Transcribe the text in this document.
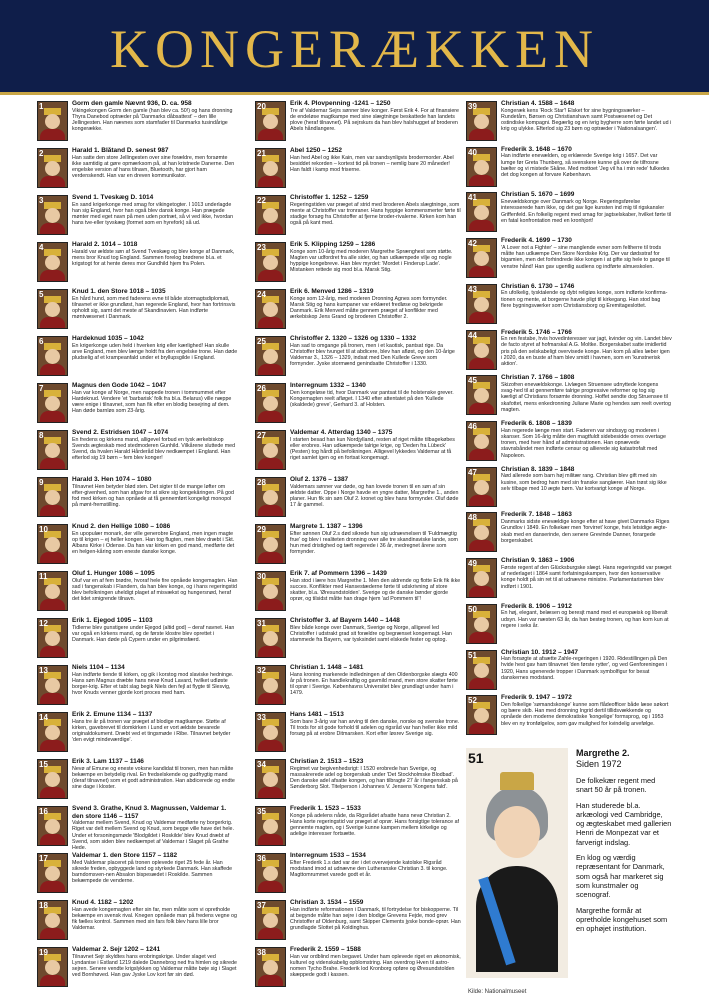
KONGERÆKKEN
1	Gorm den gamle Nævnt 936, D. ca. 958
Vikingekongen Gorm den gamle (han blev ca. 50!) og hans dronning Thyra Danebod optræder på 'Danmarks dåbsattest' – den lille Jellingesten. Han nævnes som stamfader til Danmarks tusindårige kongerække.
2	Harald 1. Blåtand D. senest 987
Han satte den store Jellingesten over sine forældre, men forsømte ikke samtidig at gøre opmærksom på, at han kristnede Danerne. Den engelske version af hans tilnavn, Bluetooth, har gjort ham verdenskendt. Han var en dreven kommunikator.
3	Svend 1. Tveskæg D. 1014
En sand krigerkonge med smag for vikingetogter. I 1013 underlagde han sig England, hvor han også blev dansk konge. Han prægede mønter med eget navn på men uden portræt, så vi ved ikke, hvordan hans tve-eller tyvskæg (formet som en hyrefork) så ud.
4	Harald 2. 1014 – 1018
Harald var ældste søn af Svend Tveskæg og blev konge af Danmark, mens bror Knud tog England. Sammen forelog brødrene bl.a. et krigstogt for at hente deres mor Gundhild hjem fra Polen.
5	Knud 1. den Store 1018 – 1035
En hård hund, som med faderens evne til både stormagtsdiplomati, tilnavnet er ikke grundløst, han regerede England, hvor han fortrinsvis opholdt sig, samt det meste af Skandinavien. Han indførte møntvæsenet i Danmark.
6	Hardeknud 1035 – 1042
En krigerkonge uden held i hverken krig eller kærlighed! Han skulle arve England, men blev længe holdt fra den engelske trone. Han døde pludselig af et krampeanfald under et bryllupsgilde i England.
7	Magnus den Gode 1042 – 1047
Han var konge af Norge, men nappede tronen i tommummet efter Hardeknud. Vendere 'et 'barbarisk' folk fra bl.a. Belarus) ville næppe være enige i tilnavnet, som han fik efter en blodig besejring af dem. Han døde barnløs som 23-årig.
8	Svend 2. Estridsen 1047 – 1074
En fredens og kirkens mand, alligevel forbud en tysk ærkebiskop Svends ægteskab med stedmoderen Gunhild. Vilkårene sluttede med Svend, da hvalen Harald Hårderåd blev nedkæmpet i England. Han efterlod sig 19 børn – fem blev konger!
9	Harald 3. Hen 1074 – 1080
Tilnavnet Hen betyder blød sten. Det sigter til de mange løfter om efter-givenhed, som han afgav for at sikre sig kongekåringen. På god fod med kirken og han opnåede at få gennemført kongeligt monopol på mønt-fremstilling.
10	Knud 2. den Hellige 1080 – 1086
En upopulær monark, der ville generobre England, men ingen magte op til krigen – ej heller kongen. Han tog flugten, men blev dræbt i Skt. Albans Kirke i Odense. Da han var kirken en god mand, medførte det en helgen-kåring som eneste danske konge.
11	Oluf 1. Hunger 1086 – 1095
Oluf var en af fem brødre, hvoraf hele fire opnåede kongemagten. Han sad i fangenskab i Flandern, da han blev konge, og i hans regeringstid blev befolkningen uheldigt plaget af misvækst og hungersnød, heraf det lidet smigrende tilnavn.
12	Erik 1. Ejegod 1095 – 1103
Tidlerne blev gunstigere under Ejegod (altid god) – deraf navnet. Han var også en kirkens mand, og de første klostre blev oprettet i Danmark. Han døde på Cypern under en pilgrimsfærd.
13	Niels 1104 – 1134
Han indførte tiende til kirken, og gik i korstog mod slaviske hedninge. Hans søn Magnus dræbte hans nevø Knud Lavard, hvilket udløste borger-krig. Efter et tabt slag begik Niels den fejl at flygte til Slesvig, hvor Knuds venner gjorde kort proces med ham.
14	Erik 2. Emune 1134 – 1137
Hans tre år på tronen var præget af blodige magtkampe. Støtte af kirken, gavebrevet til domkirken i Lund er vort ældste bevarede originaldokument. Dræbt ved et tingsmøde i Ribe. Tilnavnet betyder 'den evigt mindeværdige'.
15	Erik 3. Lam 1137 – 1146
Nevø af Emune og eneste voksne kandidat til tronen, men han måtte bekæmpe en betydelig rival. En fredselskende og gudfrygtig mand (deraf tilnavnet) som et godt administration. Han abdicerede og endte sine dage i kloster.
16	Svend 3. Grathe, Knud 3. Magnussen, Valdemar 1. den store 1146 – 1157
Valdemar mellem Svend, Knud og Valdemar medførte ny borgerkrig. Riget var delt mellem Svend og Knud, som begge ville have det hele. Under et forsoningsmøde 'Blodgildet i Roskilde' blev Knud dræbt af Svend, som siden blev nedkæmpet af Valdemar i Slaget på Grathe Hede.
17	Valdemar 1. den Store 1157 – 1182
Med Valdemar placeret på tronen oplevede riget 25 fede år. Han sikrede freden, opbyggede land og styrkede Danmark. Han skaffede barndomsven-nen Absalon bispesædet i Roskilde. Sammen bekæmpede de venderne.
18	Knud 4. 1182 – 1202
Han avede kongemagten efter sin far, men måtte som vi opretholde bekæmpe en svensk rival. Knegen opnåede man på fredens vegne og fik fælles kontrol. Sammen med sin fars folk blev hans lille bror Valdemar.
19	Valdemar 2. Sejr 1202 – 1241
Tilnavnet Sejr skyldtes hans erobringskrige. Under slaget ved Lyndanise i Estland 1219 dalede Dannebrog ned fra himlen og sikrede sejren. Senere vendte krigslykken og Valdemar måtte bøje sig i Slaget ved Bornhøved. Han gav Jyske Lov kort før sin død.
20	Erik 4. Plovpenning -1241 – 1250
Tre af Valdemar Sejrs sønner blev konger. Først Erik 4. For at finansiere de endeløse magtkampe med sine slægtninge beskattede han landets plove (heraf tilnavnet). På sejrskurs da han blev halshugget af broderen Abels håndlangere.
21	Abel 1250 – 1252
Han hed Abel og ikke Kain, men var sandsynligvis brodermorder. Abel besiddet rekorden – kortest tid på tronen – nemlig bare 20 måneder! Han faldt i kamp mod friserne.
22	Christoffer 1. 1252 – 1259
Regeringstiden var præget af strid med broderen Abels slægtninge, som mente at Christoffer var tronraner. Hans hyppige kommensmerter førte til stadige forsøg fra Christoffer at fjerne broder-rivalerne. Kirken kom han også på kant med.
23	Erik 5. Klipping 1259 – 1286
Konge som 10-årig med moderen Margrethe Sprænghest som støtte. Magten var udfordret fra alle sider, og han udkæmpede vilje og nogle hyppige kongebreve. Han blev myrdet: 'Mordet i Finderup Lade'. Mistanken rettede sig mod bl.a. Marsk Stig.
24	Erik 6. Menved 1286 – 1319
Konge som 12-årig, med moderen Dronning Agnes som formynder. Marsk Stig og hans kumpaner var erklæret fredløse og bekrigede Danmark. Erik Menved måtte gennem præget af konflikter med ærkebiskop Jens Grand og broderen Christoffer 2.
25	Christoffer 2. 1320 – 1326 og 1330 – 1332
Han sad to omgange på tronen, men i et kaotisk, pantsat rige. Da Christoffer blev tvunget til at abdicere, blev han afløst, og den 10-årige Valdemar 3., 1326 – 1329, indsat med Den Kullede Greve som formynder. Jyske stormænd genindsatte Christoffer i 1330.
26	Interregnum 1332 – 1340
Den kongeløse tid, hvor Danmark var pantsat til de holstenske grever. Kongemagten reelt afløget. I 1340 efter attentatet på den 'Kullede (skaldede) greve', Gerhard 3. af Holsten.
27	Valdemar 4. Atterdag 1340 – 1375
I starten besad han kun Nordjylland, resten af riget måtte tilbagekøbes eller erobres. Han udkæmpede talrige krige, og 'Deden fra Lübeck' (Pesten) tog hårdt på befolkningen. Alligevel lykkedes Valdemar at få riget samlet igen og en fortsat kongemagt.
28	Oluf 2. 1376 – 1387
Valdemars sønner var døde, og han lovede tronen til en søn af sin ældste datter. Oppe i Norge havde en yngre datter, Margrethe 1., anden planer. Hun fik sin søn Oluf 2. kronet og blev hans formynder. Oluf døde 17 år gammel.
29	Margrete 1. 1387 – 1396
Efter sønnen Oluf 2.s død sikrede hun sig udnævnelsen til 'Fuldmægtig frue' og blev i realiteten dronning over alle tre skandinaviske lande, som hun med dristighed og tæft regerede i 36 år, medregnet årene som formynder.
30	Erik 7. af Pommern 1396 – 1439
Han stod i lære hos Margrethe 1. Men den aldrende og flotte Erik fik ikke succes. Konflikter med Hansestæderne førte til udskrivning af store skatter, bl.a. 'Øresundstolden'. Sverige og de danske bønder gjorde oprør, og tilsidst måtte han drage hjem 'ad Pommern til'!
31	Christoffer 3. af Bayern 1440 – 1448
Blev både konge over Danmark, Sverige og Norge, alligevel led Christoffer i udstrakt grad sit forældre og begrænset kongemagt. Han stammede fra Bayern, var tysksindet samt elskede fester og optog.
32	Christian 1. 1448 – 1481
Hans kroning markerede indledningen af den Oldenborgske slægts 400 år på tronen. En handlekraftig og gavmild mand, men store skatter førte til oprør i Sverige. Københavns Universitet blev grundlagt under ham i 1479.
33	Hans 1481 – 1513
Som bare 3-årig var han arving til den danske, norske og svenske trone. Til trods for sit gode forhold til adelen og rigsråd var han heller ikke mild forsøg på at erobre Ditmarsken. Kort efter løsrev Sverige sig.
34	Christian 2. 1513 – 1523
Regimet var begivenhedsrigt: I 1520 erobrede han Sverige, og massakrerede adel og borgerskab under 'Det Stockholmske Blodbad'. Den danske adel afsatte kongen, og han tilbragte 27 år i fangenskab på Sønderborg Slot. Titelperson i Johannes V. Jensens 'Kongens fald'.
35	Frederik 1. 1523 – 1533
Konge på adelens nåde, da Rigsrådet afsatte hans nevø Christian 2. Hans korte regeringstid var præget af oprør. Hans forsigtige tolerance af gennemte magten, og i Sverige kunne kampen mellem kirkelige og adelige interesser fortsætte.
36	Interregnum 1533 – 1534
Efter Frederik 1.s død var der i det overvejende katolske Rigsråd modstand imod at udnævne den Lutheranske Christian 3. til konge. Magttomrummet varede godt et år.
37	Christian 3. 1534 – 1559
Han indførte reformationen i Danmark, til fortrydelse for biskopperne. Til at begynde måtte han sejre i den blodige Grevens Fejde, mod grev Christoffer af Oldenburg, samt Skipper Clements jyske bonde-oprør. Han grundlagde Slottet på Koldinghus.
38	Frederik 2. 1559 – 1588
Han var ordblind men begavet. Under ham oplevede riget en økonomisk, kulturel og videnskabelig opblomstring. Han overdrog Hven til astro-nomen Tycho Brahe. Frederik lod Kronborg opføre og Øresundstolden skæppede godt i kassen.
39	Christian 4. 1588 – 1648
Kongeræk kens 'Rock Star'! Elsket for sine bygningsværker – Rundetårn, Børsen og Christianshavn samt Postvæsenet og Det ostindiske kompagni. Begærlig og en ivrig bygherre som førte landet ud i krig og ulykke. Efterlod sig 23 børn og optræder i 'Nationalsangen'.
40	Frederik 3. 1648 – 1670
Han indførte enevælden, og erklærede Sverige krig i 1657. Det var lumge før Greta Thunberg, så svenskere kunne gå over de tilfrosne bælter og vi mistede Skåne. Med mottoet 'Jeg vil ha i min rede' fulkedes det dog kongen at forvare København.
41	Christian 5. 1670 – 1699
Enevældskonge over Danmark og Norge. Regeringsførelse interesserede ham ikke, og det gav lige kunsten ind mig til rigskansler Griffenfeld. En folkelig regent med smag for jagtselskaber, hvilket førte til en fatal konfrontation med en kronhjort!
42	Frederik 4. 1699 – 1730
'A Lover not a Fighter' – sine manglende evner som feltherre til trods måtte han udkæmpe Den Store Nordiske Krig. Der var dødsstraf for bigamien, men det forhindrede ikke kongen i at gifte sig hele to gange til venstre hånd! Han gav ugentlig audiens og indførte almueskolen.
43	Christian 6. 1730 – 1746
En ufolkelig, tysktalende og dybt religiøs konge, som indførte konfirma-tionen og mente, at borgerne havde pligt til kirkegang. Han stod bag flere bygningsværker som Christiansborg og Eremitageslottet.
44	Frederik 5. 1746 – 1766
En ren festabe, hvis hovedinteresser var jagt, kvinder og vin. Landet blev de facto styret af hofmarskal A.G. Moltke. Borgerskabet satte imidlertid pris på den selskabeligt overvisede konge. Han kom på alles læber igen i 2020, da en buste af ham blev smidt i havnen, som en 'kunstnerisk aktion'.
45	Christian 7. 1766 – 1808
Skizofren enevældskonge. Livlægen Struensee udnyttede kongens svag-hed til at gennemføre talrige progressive reformer og tog sig kærligt af Christians forsømte dronning. Hoffet sendte dog Struensee til skafottet, mens enkedronning Juliane Marie og hendes søn reelt overtog magten.
46	Frederik 6. 1808 – 1839
Han regerede længe men start. Faderen var sindssyg og moderen i skanser. Som 16-årig måtte den magtfuldt sidebesidde ornes overtage tronen, med hver hånd af administrationen. Han opnævede stavnsbåndet men indførte censur og allierede sig katastrofalt med Napoleon.
47	Christian 8. 1839 – 1848
Nød allerede som barn høj militær rang. Christian blev gift med sin kusine, som bedrog ham med sin franske sanglærer. Han trøst sig ikke selv tilbage med 10 ægte børn. Var kortvarigt konge af Norge.
48	Frederik 7. 1848 – 1863
Danmarks sidste enevældige konge efter at have givet Danmarks Riges Grundlov i 1849. En folkekær men 'forvirret' konge, hvis letsidige ægte-skab med en danserinde, den senere Grevinde Danner, forargede borgerskabet.
49	Christian 9. 1863 – 1906
Første regent af den Glücksburgske slægt. Hans regeringstid var præget af nederlaget i 1864 samt forfatningskampen, hvor den konservative konge holdt på sin ret til at udnævne ministre. Parlamentarismen blev indført i 1901.
50	Frederik 8. 1906 – 1912
En høj, elegant, belæsen og beresjt mand med et europæisk og liberalt udsyn. Han var næsten 63 år, da han besteg tronen, og han kom kun at regere i seks år.
51	Christian 10. 1912 – 1947
Han forsøgte at afsætte Zahle-regeringen i 1920. Ridestillingen på Den hvide hest gav ham tilnavnet 'den første rytter', og ved Genforeningen i 1920, Hans ugenerede tropper i Danmark symbolfigur for besat danskernes modstand.
52	Frederik 9. 1947 – 1972
Den folkelige 'sømandskonge' kunne som flådeofficer både læse søkort og bære skib. Han med dronning Ingrid dertil tillidsvækkende og opnåede den moderne demokratiske 'kongelige' formsprog, og i 1953 blev en ny tronfølgelov, som gav mulighed for kvindelig arvefølge.
51	Margrethe 2.
Siden 1972
De folkekær regent med snart 50 år på tronen.
Han studerede bl.a. arkæologi ved Cambridge, og ægteskabet med gallerien Henri de Monpezat var et farverigt indslag.
En klog og værdig repræsentant for Danmark, som også har markeret sig som kunstmaler og scenograf.
Margrethe formår at opretholde kongehuset som en ophøjet institution.
Kilde: Nationalmuseet
